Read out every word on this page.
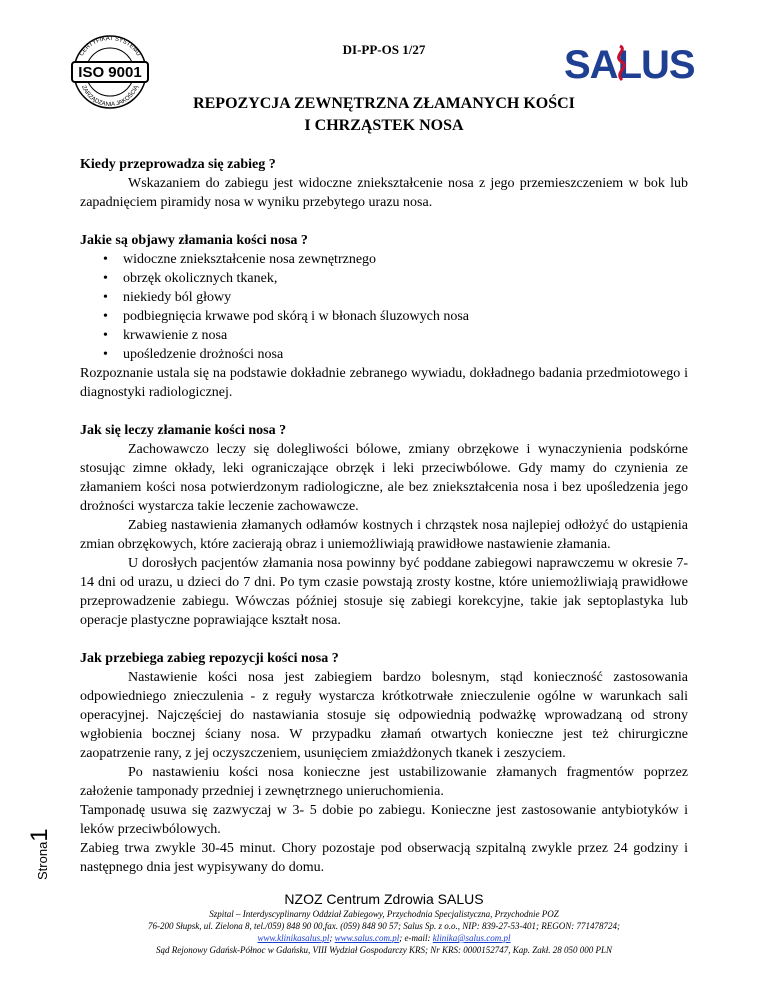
CERTYFIKAT SYSTEMU
ZARZĄDZANIA JAKOŚCIĄ
ISO 9001
DI-PP-OS 1/27	SALUS
REPOZYCJA ZEWNĘTRZNA ZŁAMANYCH KOŚCI
I CHRZĄSTEK NOSA

Kiedy przeprowadza się zabieg ?

Wskazaniem do zabiegu jest widoczne zniekształcenie nosa z jego przemieszczeniem w bok lub zapadnięciem piramidy nosa w wyniku przebytego urazu nosa.

Jakie są objawy złamania kości nosa ?

• widoczne zniekształcenie nosa zewnętrznego
• obrzęk okolicznych tkanek,
• niekiedy ból głowy
• podbiegnięcia krwawe pod skórą i w błonach śluzowych nosa
• krwawienie z nosa
• upośledzenie drożności nosa

Rozpoznanie ustala się na podstawie dokładnie zebranego wywiadu, dokładnego badania przedmiotowego i diagnostyki radiologicznej.

Jak się leczy złamanie kości nosa ?

Zachowawczo leczy się dolegliwości bólowe, zmiany obrzękowe i wynaczynienia podskórne stosując zimne okłady, leki ograniczające obrzęk i leki przeciwbólowe. Gdy mamy do czynienia ze złamaniem kości nosa potwierdzonym radiologiczne, ale bez zniekształcenia nosa i bez upośledzenia jego drożności wystarcza takie leczenie zachowawcze.

Zabieg nastawienia złamanych odłamów kostnych i chrząstek nosa najlepiej odłożyć do ustąpienia zmian obrzękowych, które zacierają obraz i uniemożliwiają prawidłowe nastawienie złamania.

U dorosłych pacjentów złamania nosa powinny być poddane zabiegowi naprawczemu w okresie 7-14 dni od urazu, u dzieci do 7 dni. Po tym czasie powstają zrosty kostne, które uniemożliwiają prawidłowe przeprowadzenie zabiegu. Wówczas później stosuje się zabiegi korekcyjne, takie jak septoplastyka lub operacje plastyczne poprawiające kształt nosa.

Jak przebiega zabieg repozycji kości nosa ?

Nastawienie kości nosa jest zabiegiem bardzo bolesnym, stąd konieczność zastosowania odpowiedniego znieczulenia - z reguły wystarcza krótkotrwałe znieczulenie ogólne w warunkach sali operacyjnej. Najczęściej do nastawiania stosuje się odpowiednią podważkę wprowadzaną od strony wgłobienia bocznej ściany nosa. W przypadku złamań otwartych konieczne jest też chirurgiczne zaopatrzenie rany, z jej oczyszczeniem, usunięciem zmiażdżonych tkanek i zeszyciem.

Po nastawieniu kości nosa konieczne jest ustabilizowanie złamanych fragmentów poprzez założenie tamponady przedniej i zewnętrznego unieruchomienia.

Tamponadę usuwa się zazwyczaj w 3- 5 dobie po zabiegu. Konieczne jest zastosowanie antybiotyków i leków przeciwbólowych.

Zabieg trwa zwykle 30-45 minut. Chory pozostaje pod obserwacją szpitalną zwykle przez 24 godziny i następnego dnia jest wypisywany do domu.

Strona1
NZOZ Centrum Zdrowia SALUS
Szpital – Interdyscyplinarny Oddział Zabiegowy, Przychodnia Specjalistyczna, Przychodnie POZ
76-200 Słupsk, ul. Zielona 8, tel./059) 848 90 00,fax. (059) 848 90 57; Salus Sp. z o.o., NIP: 839-27-53-401; REGON: 771478724;
www.klinikasalus.pl; www.salus.com.pl; e-mail: klinika@salus.com.pl
Sąd Rejonowy Gdańsk-Północ w Gdańsku, VIII Wydział Gospodarczy KRS; Nr KRS: 0000152747, Kap. Zakł. 28 050 000 PLN
